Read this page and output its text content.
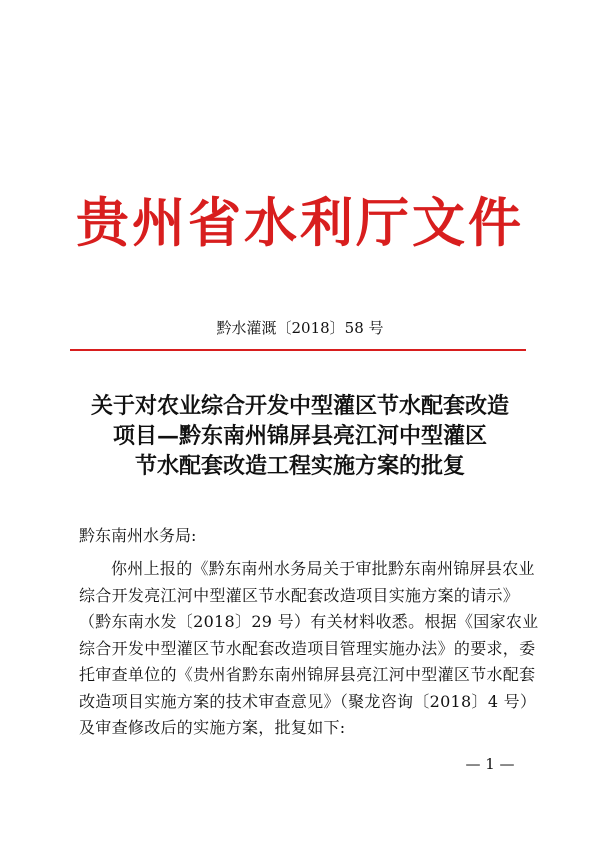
贵州省水利厅文件
黔水灌溉〔2018〕58 号
关于对农业综合开发中型灌区节水配套改造
项目—黔东南州锦屏县亮江河中型灌区
节水配套改造工程实施方案的批复
黔东南州水务局:
你州上报的《黔东南州水务局关于审批黔东南州锦屏县农业
综合开发亮江河中型灌区节水配套改造项目实施方案的请示》
（黔东南水发〔2018〕29 号）有关材料收悉。根据《国家农业
综合开发中型灌区节水配套改造项目管理实施办法》的要求，委
托审查单位的《贵州省黔东南州锦屏县亮江河中型灌区节水配套
改造项目实施方案的技术审查意见》（聚龙咨询〔2018〕4 号）
及审查修改后的实施方案，批复如下:
— 1 —
